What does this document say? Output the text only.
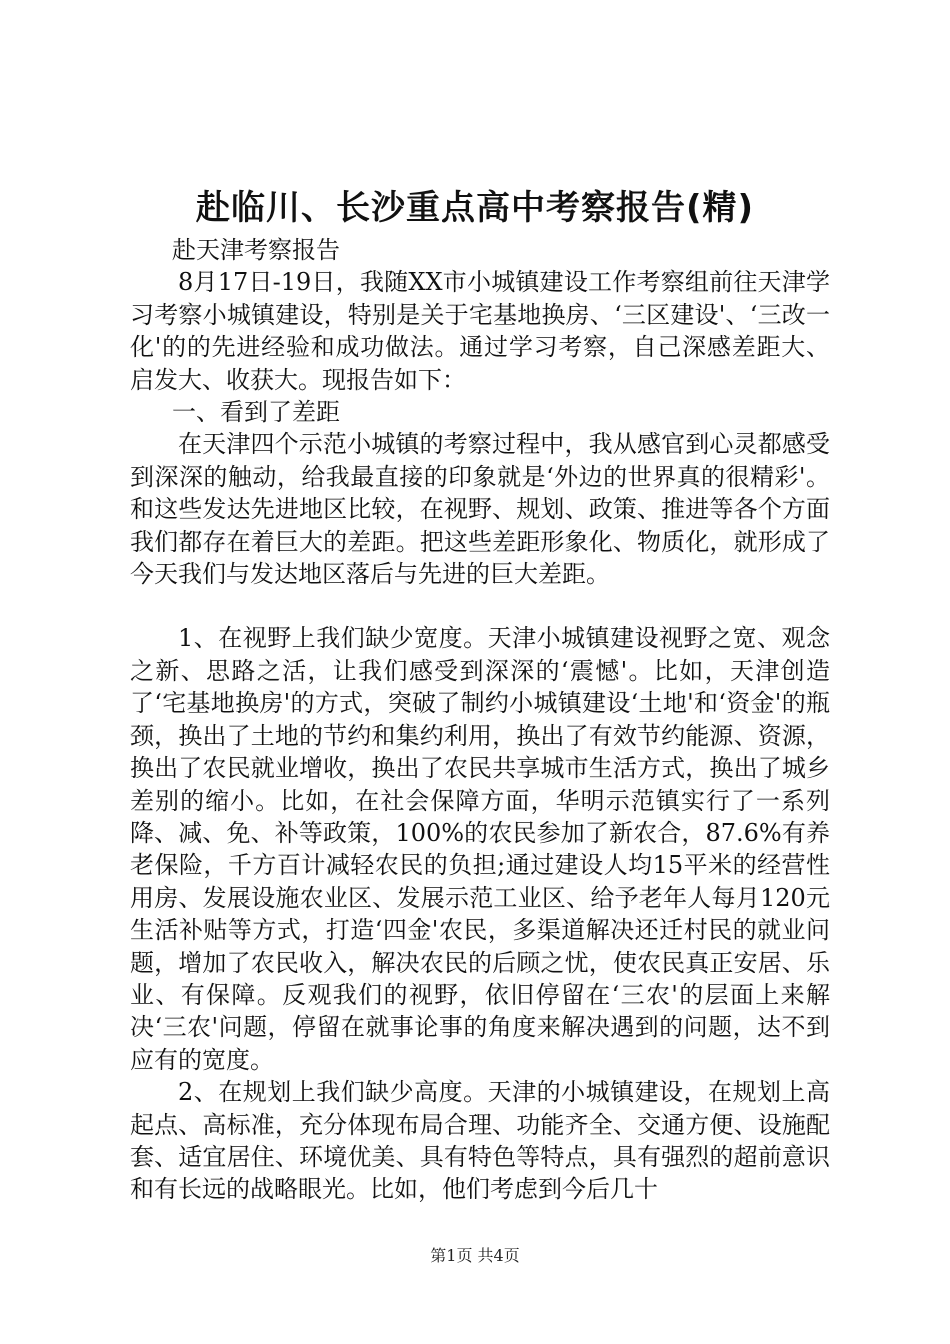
赴临川、长沙重点高中考察报告(精)

赴天津考察报告

8月17日-19日，我随XX市小城镇建设工作考察组前往天津学习考察小城镇建设，特别是关于宅基地换房、‘三区建设'、‘三改一化'的的先进经验和成功做法。通过学习考察，自己深感差距大、启发大、收获大。现报告如下：

一、看到了差距

在天津四个示范小城镇的考察过程中，我从感官到心灵都感受到深深的触动，给我最直接的印象就是‘外边的世界真的很精彩'。和这些发达先进地区比较，在视野、规划、政策、推进等各个方面我们都存在着巨大的差距。把这些差距形象化、物质化，就形成了今天我们与发达地区落后与先进的巨大差距。

1、在视野上我们缺少宽度。天津小城镇建设视野之宽、观念之新、思路之活，让我们感受到深深的‘震憾'。比如，天津创造了‘宅基地换房'的方式，突破了制约小城镇建设‘土地'和‘资金'的瓶颈，换出了土地的节约和集约利用，换出了有效节约能源、资源，换出了农民就业增收，换出了农民共享城市生活方式，换出了城乡差别的缩小。比如，在社会保障方面，华明示范镇实行了一系列降、减、免、补等政策，100%的农民参加了新农合，87.6%有养老保险，千方百计减轻农民的负担;通过建设人均15平米的经营性用房、发展设施农业区、发展示范工业区、给予老年人每月120元生活补贴等方式，打造‘四金'农民，多渠道解决还迁村民的就业问题，增加了农民收入，解决农民的后顾之忧，使农民真正安居、乐业、有保障。反观我们的视野，依旧停留在‘三农'的层面上来解决‘三农'问题，停留在就事论事的角度来解决遇到的问题，达不到应有的宽度。

2、在规划上我们缺少高度。天津的小城镇建设，在规划上高起点、高标准，充分体现布局合理、功能齐全、交通方便、设施配套、适宜居住、环境优美、具有特色等特点，具有强烈的超前意识和有长远的战略眼光。比如，他们考虑到今后几十

第1页 共4页
